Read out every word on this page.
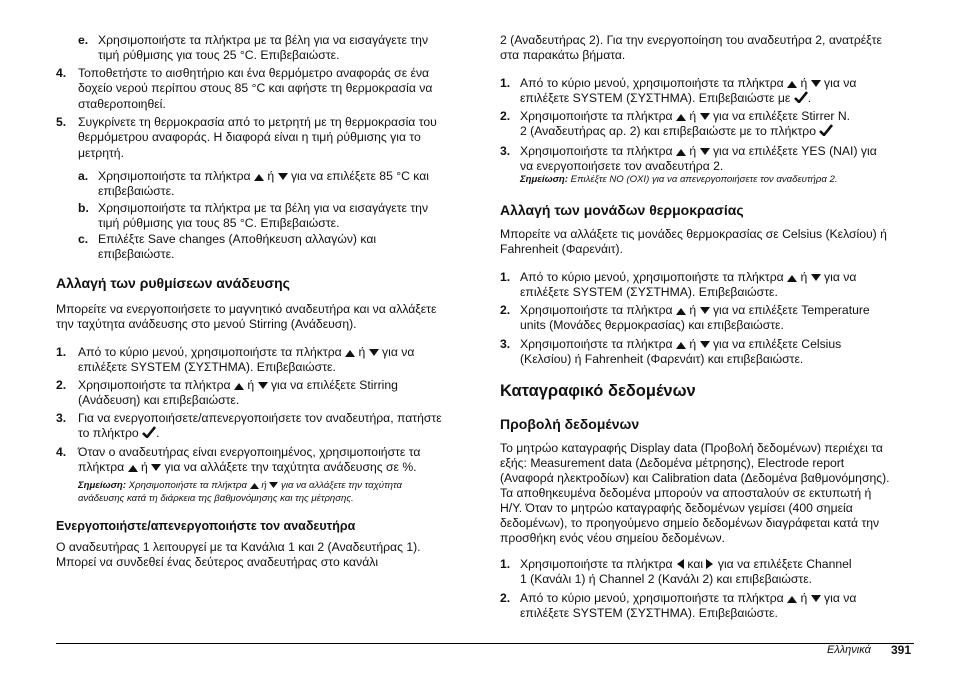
e. Χρησιμοποιήστε τα πλήκτρα με τα βέλη για να εισαγάγετε την
τιμή ρύθμισης για τους 25 °C. Επιβεβαιώστε.
4. Τοποθετήστε το αισθητήριο και ένα θερμόμετρο αναφοράς σε ένα
δοχείο νερού περίπου στους 85 °C και αφήστε τη θερμοκρασία να
σταθεροποιηθεί.
5. Συγκρίνετε τη θερμοκρασία από το μετρητή με τη θερμοκρασία του
θερμόμετρου αναφοράς. Η διαφορά είναι η τιμή ρύθμισης για το
μετρητή.
a. Χρησιμοποιήστε τα πλήκτρα ή για να επιλέξετε 85 °C και
επιβεβαιώστε.
b. Χρησιμοποιήστε τα πλήκτρα με τα βέλη για να εισαγάγετε την
τιμή ρύθμισης για τους 85 °C. Επιβεβαιώστε.
c. Επιλέξτε Save changes (Αποθήκευση αλλαγών) και
επιβεβαιώστε.
Αλλαγή των ρυθμίσεων ανάδευσης
Μπορείτε να ενεργοποιήσετε το μαγνητικό αναδευτήρα και να αλλάξετε
την ταχύτητα ανάδευσης στο μενού Stirring (Ανάδευση).
1. Από το κύριο μενού, χρησιμοποιήστε τα πλήκτρα ή για να
επιλέξετε SYSTEM (ΣΥΣΤΗΜΑ). Επιβεβαιώστε.
2. Χρησιμοποιήστε τα πλήκτρα ή για να επιλέξετε Stirring
(Ανάδευση) και επιβεβαιώστε.
3. Για να ενεργοποιήσετε/απενεργοποιήσετε τον αναδευτήρα, πατήστε
το πλήκτρο .
4. Όταν ο αναδευτήρας είναι ενεργοποιημένος, χρησιμοποιήστε τα
πλήκτρα ή για να αλλάξετε την ταχύτητα ανάδευσης σε %.
Σημείωση: Χρησιμοποιήστε τα πλήκτρα ή για να αλλάξετε την ταχύτητα
ανάδευσης κατά τη διάρκεια της βαθμονόμησης και της μέτρησης.
Ενεργοποιήστε/απενεργοποιήστε τον αναδευτήρα
Ο αναδευτήρας 1 λειτουργεί με τα Κανάλια 1 και 2 (Αναδευτήρας 1).
Μπορεί να συνδεθεί ένας δεύτερος αναδευτήρας στο κανάλι
2 (Αναδευτήρας 2). Για την ενεργοποίηση του αναδευτήρα 2, ανατρέξτε
στα παρακάτω βήματα.
1. Από το κύριο μενού, χρησιμοποιήστε τα πλήκτρα ή για να
επιλέξετε SYSTEM (ΣΥΣΤΗΜΑ). Επιβεβαιώστε με .
2. Χρησιμοποιήστε τα πλήκτρα ή για να επιλέξετε Stirrer N.
2 (Αναδευτήρας αρ. 2) και επιβεβαιώστε με το πλήκτρο
3. Χρησιμοποιήστε τα πλήκτρα ή για να επιλέξετε YES (ΝΑΙ) για
να ενεργοποιήσετε τον αναδευτήρα 2.
Σημείωση: Επιλέξτε NO (ΟΧΙ) για να απενεργοποιήσετε τον αναδευτήρα 2.
Αλλαγή των μονάδων θερμοκρασίας
Μπορείτε να αλλάξετε τις μονάδες θερμοκρασίας σε Celsius (Κελσίου) ή
Fahrenheit (Φαρενάιτ).
1. Από το κύριο μενού, χρησιμοποιήστε τα πλήκτρα ή για να
επιλέξετε SYSTEM (ΣΥΣΤΗΜΑ). Επιβεβαιώστε.
2. Χρησιμοποιήστε τα πλήκτρα ή για να επιλέξετε Temperature
units (Μονάδες θερμοκρασίας) και επιβεβαιώστε.
3. Χρησιμοποιήστε τα πλήκτρα ή για να επιλέξετε Celsius
(Κελσίου) ή Fahrenheit (Φαρενάιτ) και επιβεβαιώστε.
Καταγραφικό δεδομένων
Προβολή δεδομένων
Το μητρώο καταγραφής Display data (Προβολή δεδομένων) περιέχει τα
εξής: Measurement data (Δεδομένα μέτρησης), Electrode report
(Αναφορά ηλεκτροδίων) και Calibration data (Δεδομένα βαθμονόμησης).
Τα αποθηκευμένα δεδομένα μπορούν να αποσταλούν σε εκτυπωτή ή
Η/Υ. Όταν το μητρώο καταγραφής δεδομένων γεμίσει (400 σημεία
δεδομένων), το προηγούμενο σημείο δεδομένων διαγράφεται κατά την
προσθήκη ενός νέου σημείου δεδομένων.
1. Χρησιμοποιήστε τα πλήκτρα και για να επιλέξετε Channel
1 (Κανάλι 1) ή Channel 2 (Κανάλι 2) και επιβεβαιώστε.
2. Από το κύριο μενού, χρησιμοποιήστε τα πλήκτρα ή για να
επιλέξετε SYSTEM (ΣΥΣΤΗΜΑ). Επιβεβαιώστε.
Ελληνικά 391
